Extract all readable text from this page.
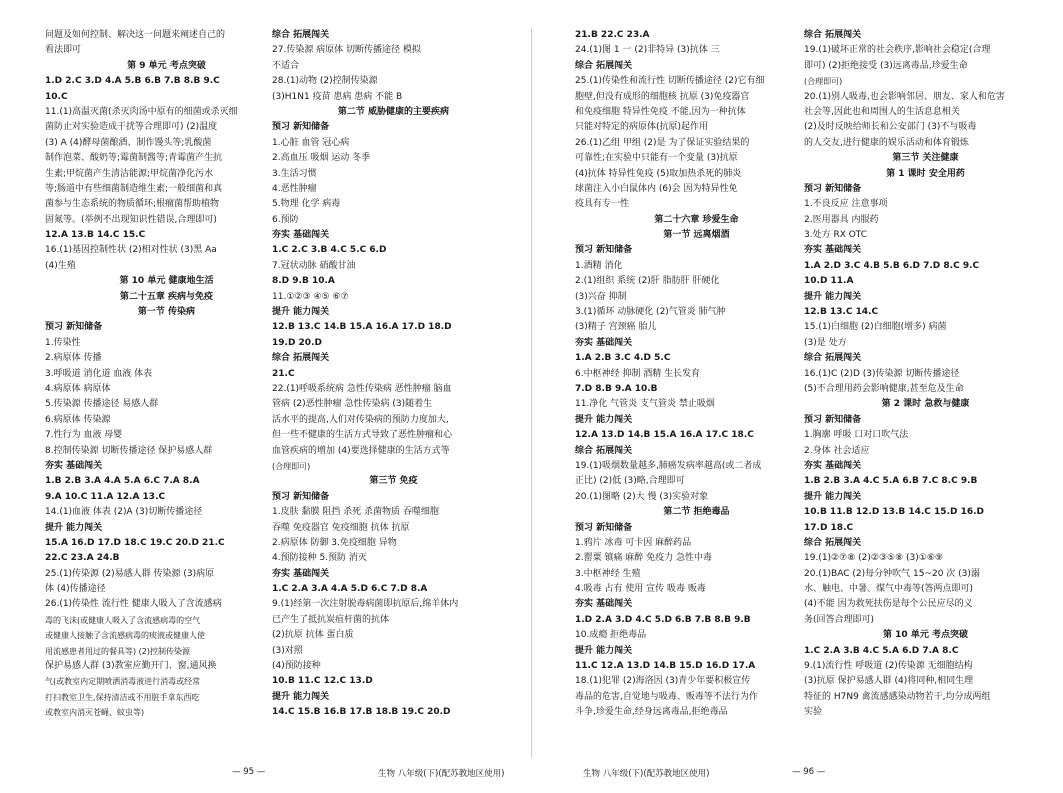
问题及如何控制、解决这一问题来阐述自己的
看法即可
第 9 单元 考点突破
1.D 2.C 3.D 4.A 5.B 6.B 7.B 8.B 9.C
10.C
11.(1)高温灭菌(杀灭肉汤中原有的细菌或杀灭细
菌防止对实验造成干扰等合理即可) (2)温度
(3) A (4)酵母菌酿酒、制作馒头等;乳酸菌
制作泡菜、酸奶等;霉菌制酱等;青霉菌产生抗
生素;甲烷菌产生清洁能源;甲烷菌净化污水
等;肠道中有些细菌制造维生素;一般细菌和真
菌参与生态系统的物质循环;根瘤菌帮助植物
固氮等。(举例不出现知识性错误,合理即可)
12.A 13.B 14.C 15.C
16.(1)基因控制性状 (2)相对性状 (3)黑 Aa
(4)生殖
第 10 单元 健康地生活
第二十五章 疾病与免疫
第一节 传染病
预习 新知储备
1.传染性
2.病原体 传播
3.呼吸道 消化道 血液 体表
4.病原体 病原体
5.传染源 传播途径 易感人群
6.病原体 传染源
7.性行为 血液 母婴
8.控制传染源 切断传播途径 保护易感人群
夯实 基础闯关
1.B 2.B 3.A 4.A 5.A 6.C 7.A 8.A
9.A 10.C 11.A 12.A 13.C
14.(1)血液 体表 (2)A (3)切断传播途径
提升 能力闯关
15.A 16.D 17.D 18.C 19.C 20.D 21.C
22.C 23.A 24.B
25.(1)传染源 (2)易感人群 传染源 (3)病原
体 (4)传播途径
26.(1)传染性 流行性 健康人吸入了含流感病
毒的飞沫(或健康人吸入了含流感病毒的空气
或健康人接触了含流感病毒的痰液或健康人使
用流感患者用过的餐具等) (2)控制传染源
保护易感人群 (3)教室应勤开门、窗,通风换
气(或教室内定期喷洒消毒液进行消毒或经常
打扫教室卫生,保持清洁或不用脏手拿东西吃
或教室内消灭苍蝇、蚊虫等)
综合 拓展闯关
27.传染源 病原体 切断传播途径 模拟
不适合
28.(1)动物 (2)控制传染源
(3)H1N1 疫苗 患病 患病 不能 B
第二节 威胁健康的主要疾病
预习 新知储备
1.心脏 血管 冠心病
2.高血压 吸烟 运动 冬季
3.生活习惯
4.恶性肿瘤
5.物理 化学 病毒
6.预防
夯实 基础闯关
1.C 2.C 3.B 4.C 5.C 6.D
7.冠状动脉 硝酸甘油
8.D 9.B 10.A
11.①②③ ④⑤ ⑥⑦
提升 能力闯关
12.B 13.C 14.B 15.A 16.A 17.D 18.D
19.D 20.D
综合 拓展闯关
21.C
22.(1)呼吸系统病 急性传染病 恶性肿瘤 脑血
管病 (2)恶性肿瘤 急性传染病 (3)随着生
活水平的提高,人们对传染病的预防力度加大,
但一些不健康的生活方式导致了恶性肿瘤和心
血管疾病的增加 (4)要选择健康的生活方式等
(合理即可)
第三节 免疫
预习 新知储备
1.皮肤 黏膜 阻挡 杀死 杀菌物质 吞噬细胞
吞噬 免疫器官 免疫细胞 抗体 抗原
2.病原体 防御 3.免疫细胞 异物
4.预防接种 5.预防 消灭
夯实 基础闯关
1.C 2.A 3.A 4.A 5.D 6.C 7.D 8.A
9.(1)经第一次注射脱毒病菌即抗原后,绵羊体内
已产生了抵抗炭疽杆菌的抗体
(2)抗原 抗体 蛋白质
(3)对照
(4)预防接种
10.B 11.C 12.C 13.D
提升 能力闯关
14.C 15.B 16.B 17.B 18.B 19.C 20.D
21.B 22.C 23.A
24.(1)图 1 一 (2)非特异 (3)抗体 三
综合 拓展闯关
25.(1)传染性和流行性 切断传播途径 (2)它有细
胞壁,但没有成形的细胞核 抗原 (3)免疫器官
和免疫细胞 特异性免疫 不能,因为一种抗体
只能对特定的病原体(抗原)起作用
26.(1)乙组 甲组 (2)是 为了保证实验结果的
可靠性;在实验中只能有一个变量 (3)抗原
(4)抗体 特异性免疫 (5)取加热杀死的肺炎
球菌注入小白鼠体内 (6)会 因为特异性免
疫具有专一性
第二十六章 珍爱生命
第一节 远离烟酒
预习 新知储备
1.酒精 消化
2.(1)组织 系统 (2)肝 脂肪肝 肝硬化
(3)兴奋 抑制
3.(1)循环 动脉硬化 (2)气管炎 肺气肿
(3)精子 宫颈癌 胎儿
夯实 基础闯关
1.A 2.B 3.C 4.D 5.C
6.中枢神经 抑制 酒精 生长发育
7.D 8.B 9.A 10.B
11.净化 气管炎 支气管炎 禁止吸烟
提升 能力闯关
12.A 13.D 14.B 15.A 16.A 17.C 18.C
综合 拓展闯关
19.(1)吸烟数量越多,肺癌发病率越高(或二者成
正比) (2)低 (3)略,合理即可
20.(1)图略 (2)大 慢 (3)实验对象
第二节 拒绝毒品
预习 新知储备
1.鸦片 冰毒 可卡因 麻醉药品
2.罂粟 镇痛 麻醉 免疫力 急性中毒
3.中枢神经 生殖
4.吸毒 占有 使用 宣传 吸毒 贩毒
夯实 基础闯关
1.D 2.A 3.D 4.C 5.D 6.B 7.B 8.B 9.B
10.成瘾 拒绝毒品
提升 能力闯关
11.C 12.A 13.D 14.B 15.D 16.D 17.A
18.(1)犯罪 (2)海洛因 (3)青少年要积极宣传
毒品的危害,自觉地与吸毒、贩毒等不法行为作
斗争,珍爱生命,经身远离毒品,拒绝毒品
综合 拓展闯关
19.(1)破坏正常的社会秩序,影响社会稳定(合理
即可) (2)拒绝接受 (3)远离毒品,珍爱生命
(合理即可)
20.(1)别人吸毒,也会影响邻居、朋友、家人和危害
社会等,因此也和周围人的生活息息相关
(2)及时反映给师长和公安部门 (3)不与吸毒
的人交友,进行健康的娱乐活动和体育锻炼
第三节 关注健康
第 1 课时 安全用药
预习 新知储备
1.不良反应 注意事项
2.医用器具 内服药
3.处方 RX OTC
夯实 基础闯关
1.A 2.D 3.C 4.B 5.B 6.D 7.D 8.C 9.C
10.D 11.A
提升 能力闯关
12.B 13.C 14.C
15.(1)白细胞 (2)白细胞(增多) 病菌
(3)是 处方
综合 拓展闯关
16.(1)C (2)D (3)传染源 切断传播途径
(5)不合理用药会影响健康,甚至危及生命
第 2 课时 急救与健康
预习 新知储备
1.胸廓 呼吸 口对口吹气法
2.身体 社会适应
夯实 基础闯关
1.B 2.B 3.A 4.C 5.A 6.B 7.C 8.C 9.B
提升 能力闯关
10.B 11.B 12.D 13.B 14.C 15.D 16.D
17.D 18.C
综合 拓展闯关
19.(1)②⑦⑧ (2)②③⑤⑧ (3)①⑥⑨
20.(1)BAC (2)每分钟吹气 15~20 次 (3)溺
水、触电、中暑、煤气中毒等(答两点即可)
(4)不能 因为救死扶伤是每个公民应尽的义
务(回答合理即可)
第 10 单元 考点突破
1.C 2.A 3.B 4.C 5.A 6.D 7.A 8.C
9.(1)流行性 呼吸道 (2)传染源 无细胞结构
(3)抗原 保护易感人群 (4)将同种,相同生理
特征的 H7N9 禽流感感染动物若干,均分成两组
实验
— 95 —	生物 八年级(下)(配苏教地区使用)	生物 八年级(下)(配苏教地区使用)	— 96 —
